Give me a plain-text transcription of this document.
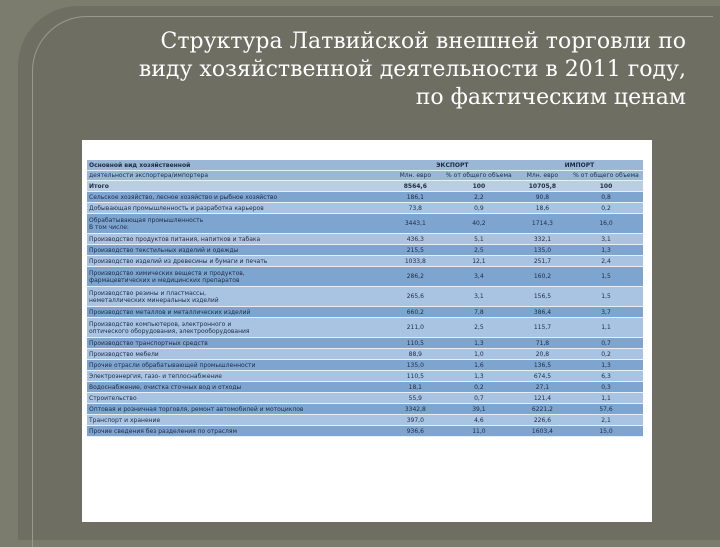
Структура Латвийской внешней торговли по
виду хозяйственной деятельности в 2011 году,
по фактическим ценам
Основной вид хозяйственной	ЭКСПОРТ		ИМПОРТ	
деятельности экспортера/импортера	Млн. евро	% от общего объема	Млн. евро	% от общего объема

Итого	8564,6	100	10705,8	100

Сельское хозяйство, лесное хозяйство и рыбное хозяйство	186,1	2,2	90,8	0,8

Добывающая промышленность и разработка карьеров	73,8	0,9	18,6	0,2

Обрабатывающая промышленность
В том числе:	3443,1	40,2	1714,3	16,0

Производство продуктов питания, напитков и табака	436,3	5,1	332,1	3,1

Производство текстильных изделий и одежды	215,5	2,5	135,0	1,3

Производство изделий из древесины и бумаги и печать	1033,8	12,1	251,7	2,4

Производство химических веществ и продуктов,
фармацевтических и медицинских препаратов	286,2	3,4	160,2	1,5

Производство резины и пластмассы,
неметаллических минеральных изделий	265,6	3,1	156,5	1,5

Производство металлов и металлических изделий	660,2	7,8	386,4	3,7

Производство компьютеров, электронного и
оптического оборудования, электрооборудования	211,0	2,5	115,7	1,1

Производство транспортных средств	110,5	1,3	71,8	0,7

Производство мебели	88,9	1,0	20,8	0,2

Прочие отрасли обрабатывающей промышленности	135,0	1,6	136,5	1,3

Электроэнергия, газо- и теплоснабжение	110,5	1,3	674,5	6,3

Водоснабжение, очистка сточных вод и отходы	18,1	0,2	27,1	0,3

Строительство	55,9	0,7	121,4	1,1

Оптовая и розничная торговля, ремонт автомобилей и мотоциклов	3342,8	39,1	6221,2	57,6

Транспорт и хранение	397,0	4,6	226,6	2,1

Прочие сведения без разделения по отраслям	936,6	11,0	1603,4	15,0
